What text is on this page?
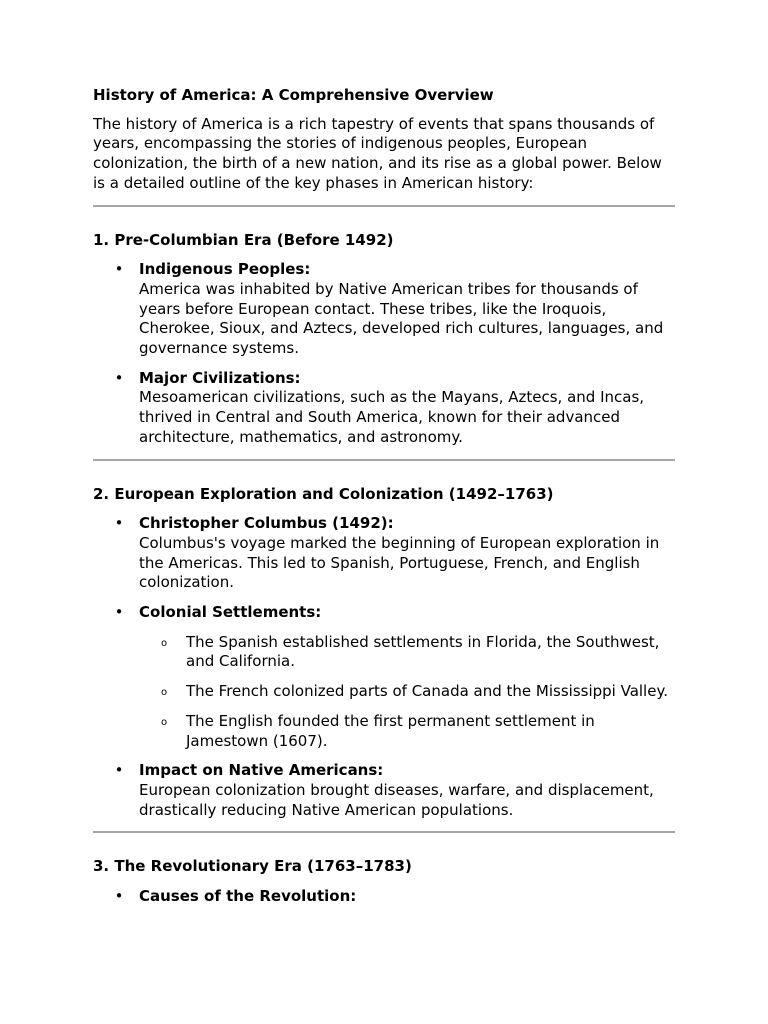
History of America: A Comprehensive Overview

The history of America is a rich tapestry of events that spans thousands of years, encompassing the stories of indigenous peoples, European colonization, the birth of a new nation, and its rise as a global power. Below is a detailed outline of the key phases in American history:

1. Pre-Columbian Era (Before 1492)

• Indigenous Peoples:
America was inhabited by Native American tribes for thousands of years before European contact. These tribes, like the Iroquois, Cherokee, Sioux, and Aztecs, developed rich cultures, languages, and governance systems.
• Major Civilizations:
Mesoamerican civilizations, such as the Mayans, Aztecs, and Incas, thrived in Central and South America, known for their advanced architecture, mathematics, and astronomy.

2. European Exploration and Colonization (1492–1763)

• Christopher Columbus (1492):
Columbus's voyage marked the beginning of European exploration in the Americas. This led to Spanish, Portuguese, French, and English colonization.
• Colonial Settlements:
o The Spanish established settlements in Florida, the Southwest, and California.
o The French colonized parts of Canada and the Mississippi Valley.
o The English founded the first permanent settlement in Jamestown (1607).
• Impact on Native Americans:
European colonization brought diseases, warfare, and displacement, drastically reducing Native American populations.

3. The Revolutionary Era (1763–1783)

• Causes of the Revolution:
